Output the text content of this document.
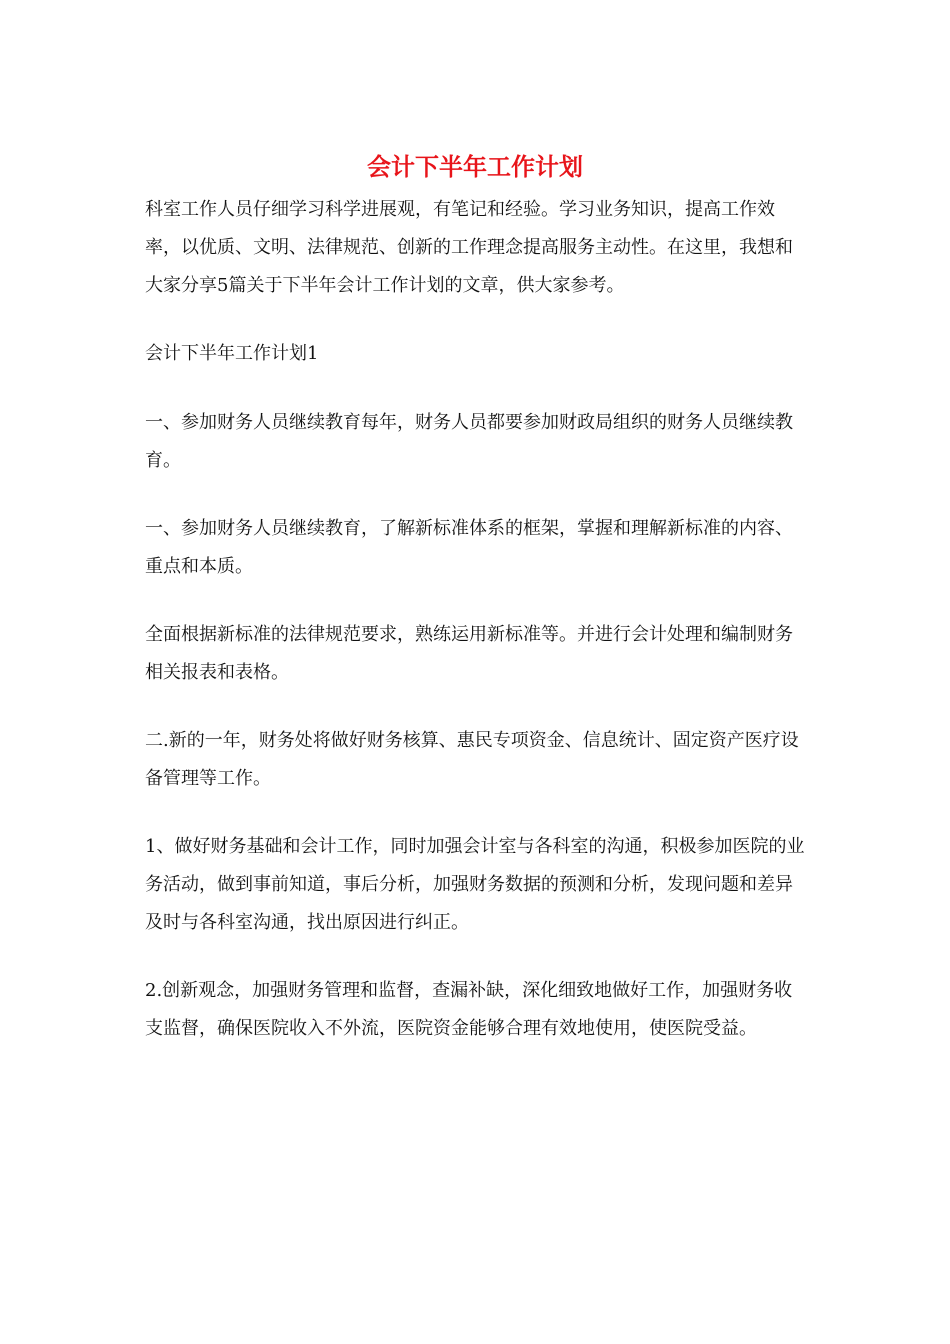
会计下半年工作计划

科室工作人员仔细学习科学进展观，有笔记和经验。学习业务知识，提高工作效率，以优质、文明、法律规范、创新的工作理念提高服务主动性。在这里，我想和大家分享5篇关于下半年会计工作计划的文章，供大家参考。

会计下半年工作计划1

一、参加财务人员继续教育每年，财务人员都要参加财政局组织的财务人员继续教育。

一、参加财务人员继续教育，了解新标准体系的框架，掌握和理解新标准的内容、重点和本质。

全面根据新标准的法律规范要求，熟练运用新标准等。并进行会计处理和编制财务相关报表和表格。

二.新的一年，财务处将做好财务核算、惠民专项资金、信息统计、固定资产医疗设备管理等工作。

1、做好财务基础和会计工作，同时加强会计室与各科室的沟通，积极参加医院的业务活动，做到事前知道，事后分析，加强财务数据的预测和分析，发现问题和差异及时与各科室沟通，找出原因进行纠正。

2.创新观念，加强财务管理和监督，查漏补缺，深化细致地做好工作，加强财务收支监督，确保医院收入不外流，医院资金能够合理有效地使用，使医院受益。
